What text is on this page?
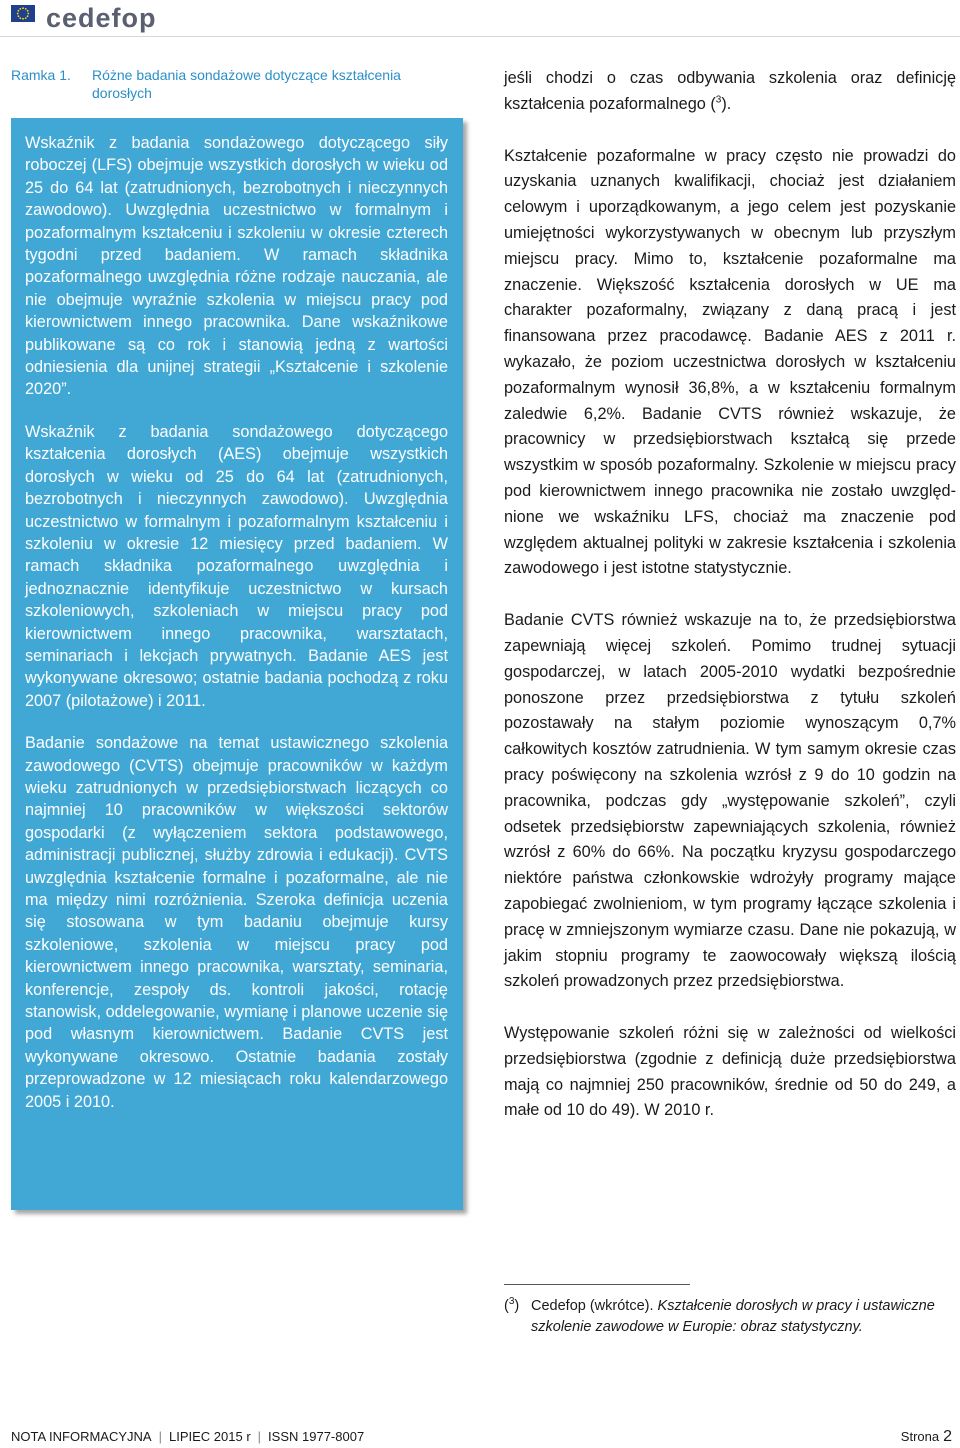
cedefop
Ramka 1. Różne badania sondażowe dotyczące kształcenia dorosłych

Wskaźnik z badania sondażowego dotyczącego siły roboczej (LFS) obejmuje wszystkich dorosłych w wieku od 25 do 64 lat (zatrudnionych, bezrobotnych i nieczynnych zawodowo). Uwzględnia uczestnictwo w formalnym i pozaformalnym kształceniu i szkoleniu w okresie czterech tygodni przed badaniem. W ramach składnika pozaformalnego uwzględnia różne rodzaje nauczania, ale nie obejmuje wyraźnie szkolenia w miejscu pracy pod kierownictwem innego pracownika. Dane wskaźnikowe publikowane są co rok i stanowią jedną z wartości odniesienia dla unijnej strategii „Kształcenie i szkolenie 2020”.

Wskaźnik z badania sondażowego dotyczącego kształcenia dorosłych (AES) obejmuje wszystkich dorosłych w wieku od 25 do 64 lat (zatrudnionych, bezrobotnych i nieczynnych zawodowo). Uwzględnia uczestnictwo w formalnym i pozaformalnym kształceniu i szkoleniu w okresie 12 miesięcy przed badaniem. W ramach składnika pozaformalnego uwzględnia i jednoznacznie identyfikuje uczestnictwo w kursach szkoleniowych, szkoleniach w miejscu pracy pod kierownictwem innego pracownika, warsztatach, seminariach i lekcjach prywatnych. Badanie AES jest wykonywane okresowo; ostatnie badania pochodzą z roku 2007 (pilotażowe) i 2011.

Badanie sondażowe na temat ustawicznego szkolenia zawodowego (CVTS) obejmuje pracowników w każdym wieku zatrudnionych w przedsiębiorstwach liczących co najmniej 10 pracowników w większości sektorów gospodarki (z wyłączeniem sektora podstawowego, administracji publicznej, służby zdrowia i edukacji). CVTS uwzględnia kształcenie formalne i pozaformalne, ale nie ma między nimi rozróżnienia. Szeroka definicja uczenia się stosowana w tym badaniu obejmuje kursy szkoleniowe, szkolenia w miejscu pracy pod kierownictwem innego pracownika, warsztaty, seminaria, konferencje, zespoły ds. kontroli jakości, rotację stanowisk, oddelegowanie, wymianę i planowe uczenie się pod własnym kierownictwem. Badanie CVTS jest wykonywane okresowo. Ostatnie badania zostały przeprowadzone w 12 miesiącach roku kalendarzowego 2005 i 2010.

jeśli chodzi o czas odbywania szkolenia oraz definicję kształcenia pozaformalnego ($^3$).

Kształcenie pozaformalne w pracy często nie prowadzi do uzyskania uznanych kwalifikacji, chociaż jest działaniem celowym i uporządkowanym, a jego celem jest pozyskanie umiejętności wykorzystywanych w obecnym lub przyszłym miejscu pracy. Mimo to, kształcenie pozaformalne ma znaczenie. Większość kształcenia dorosłych w UE ma charakter pozaformalny, związany z daną pracą i jest finansowana przez pracodawcę. Badanie AES z 2011 r. wykazało, że poziom uczestnictwa dorosłych w kształceniu pozaformalnym wynosił 36,8%, a w kształceniu formalnym zaledwie 6,2%. Badanie CVTS również wskazuje, że pracownicy w przedsiębiorstwach kształcą się przede wszystkim w sposób pozaformalny. Szkolenie w miejscu pracy pod kierownictwem innego pracownika nie zostało uwzględnione we wskaźniku LFS, chociaż ma znaczenie pod względem aktualnej polityki w zakresie kształcenia i szkolenia zawodowego i jest istotne statystycznie.

Badanie CVTS również wskazuje na to, że przedsiębiorstwa zapewniają więcej szkoleń. Pomimo trudnej sytuacji gospodarczej, w latach 2005-2010 wydatki bezpośrednie ponoszone przez przedsiębiorstwa z tytułu szkoleń pozostawały na stałym poziomie wynoszącym 0,7% całkowitych kosztów zatrudnienia. W tym samym okresie czas pracy poświęcony na szkolenia wzrósł z 9 do 10 godzin na pracownika, podczas gdy „występowanie szkoleń”, czyli odsetek przedsiębiorstw zapewniających szkolenia, również wzrósł z 60% do 66%. Na początku kryzysu gospodarczego niektóre państwa członkowskie wdrożyły programy mające zapobiegać zwolnieniom, w tym programy łączące szkolenia i pracę w zmniejszonym wymiarze czasu. Dane nie pokazują, w jakim stopniu programy te zaowocowały większą ilością szkoleń prowadzonych przez przedsiębiorstwa.

Występowanie szkoleń różni się w zależności od wielkości przedsiębiorstwa (zgodnie z definicją duże przedsiębiorstwa mają co najmniej 250 pracowników, średnie od 50 do 249, a małe od 10 do 49). W 2010 r.

($^3$) Cedefop (wkrótce). Kształcenie dorosłych w pracy i ustawiczne szkolenie zawodowe w Europie: obraz statystyczny.
NOTA INFORMACYJNA | LIPIEC 2015 r | ISSN 1977-8007	Strona 2
